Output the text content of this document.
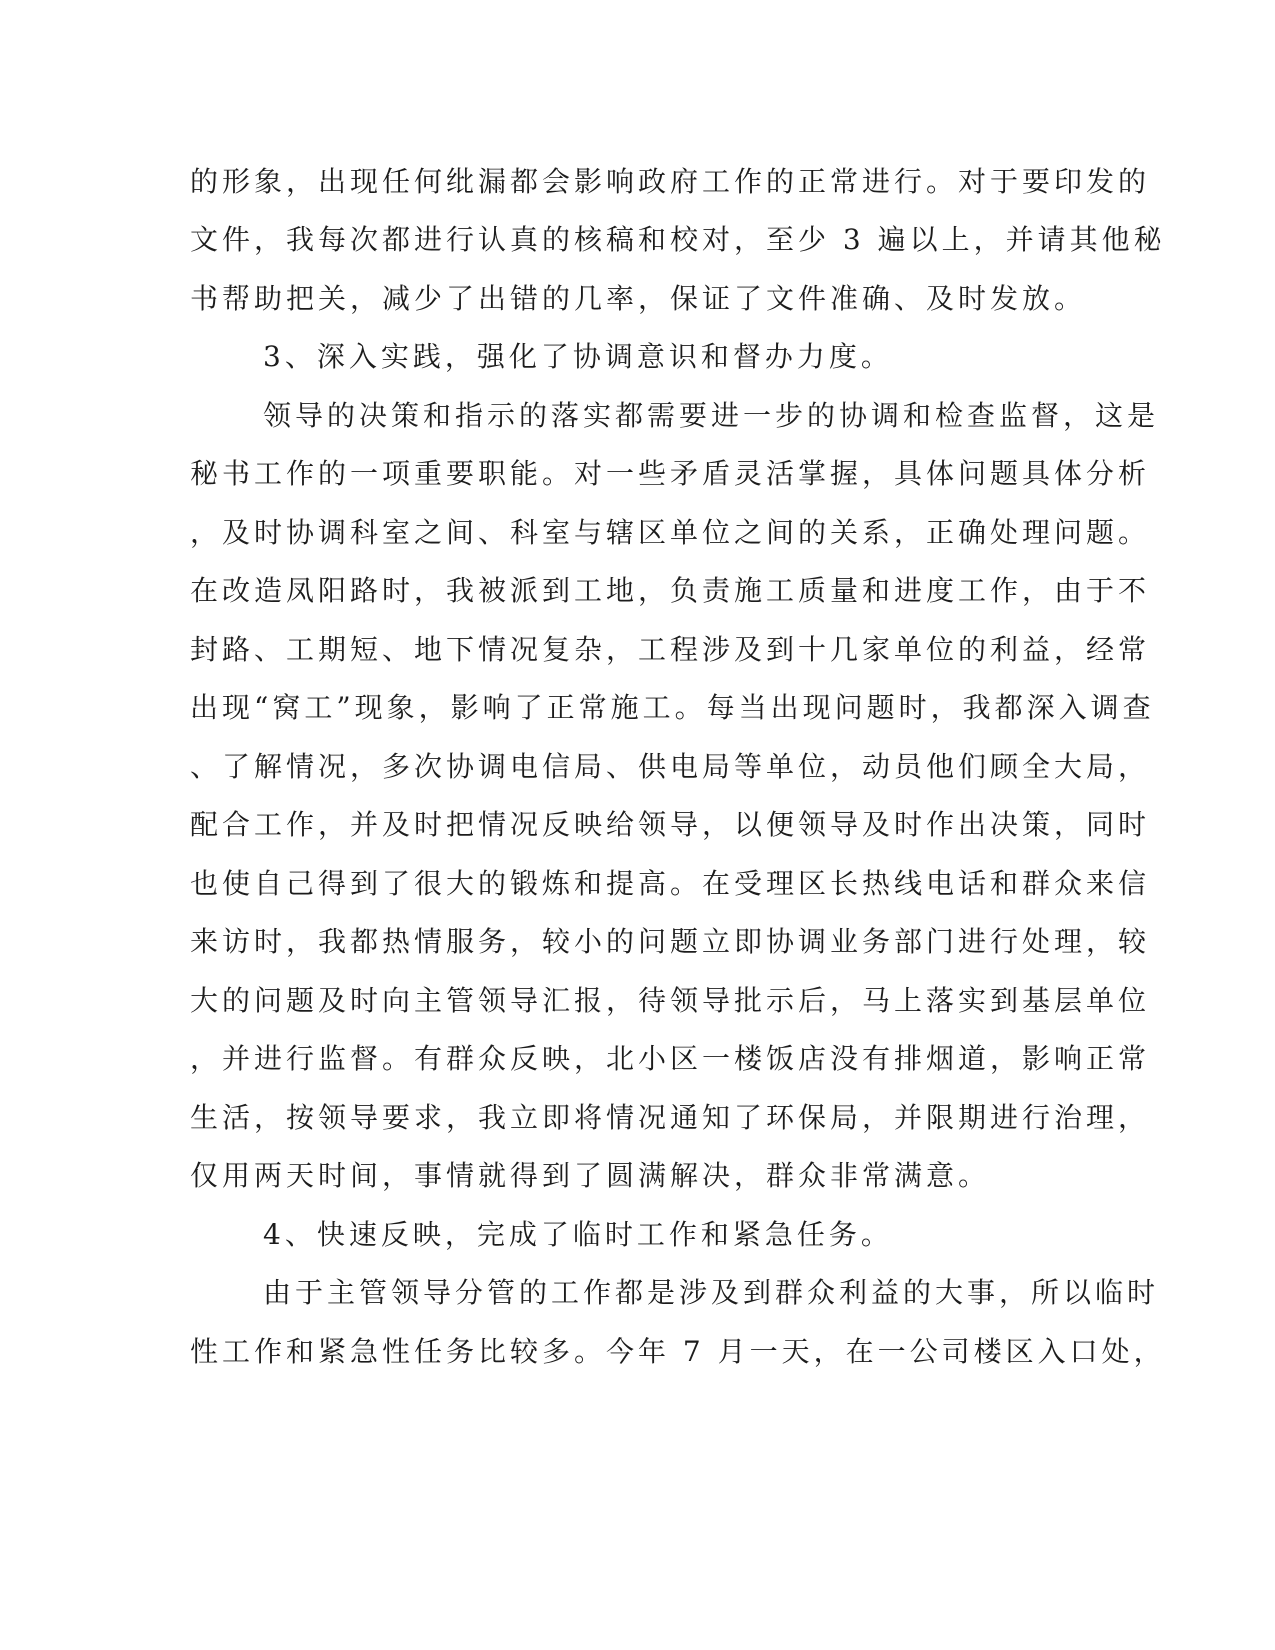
的形象，出现任何纰漏都会影响政府工作的正常进行。对于要印发的
文件，我每次都进行认真的核稿和校对，至少 3 遍以上，并请其他秘
书帮助把关，减少了出错的几率，保证了文件准确、及时发放。
3、深入实践，强化了协调意识和督办力度。
领导的决策和指示的落实都需要进一步的协调和检查监督，这是
秘书工作的一项重要职能。对一些矛盾灵活掌握，具体问题具体分析
，及时协调科室之间、科室与辖区单位之间的关系，正确处理问题。
在改造凤阳路时，我被派到工地，负责施工质量和进度工作，由于不
封路、工期短、地下情况复杂，工程涉及到十几家单位的利益，经常
出现“窝工”现象，影响了正常施工。每当出现问题时，我都深入调查
、了解情况，多次协调电信局、供电局等单位，动员他们顾全大局，
配合工作，并及时把情况反映给领导，以便领导及时作出决策，同时
也使自己得到了很大的锻炼和提高。在受理区长热线电话和群众来信
来访时，我都热情服务，较小的问题立即协调业务部门进行处理，较
大的问题及时向主管领导汇报，待领导批示后，马上落实到基层单位
，并进行监督。有群众反映，北小区一楼饭店没有排烟道，影响正常
生活，按领导要求，我立即将情况通知了环保局，并限期进行治理，
仅用两天时间，事情就得到了圆满解决，群众非常满意。
4、快速反映，完成了临时工作和紧急任务。
由于主管领导分管的工作都是涉及到群众利益的大事，所以临时
性工作和紧急性任务比较多。今年 7 月一天，在一公司楼区入口处，
